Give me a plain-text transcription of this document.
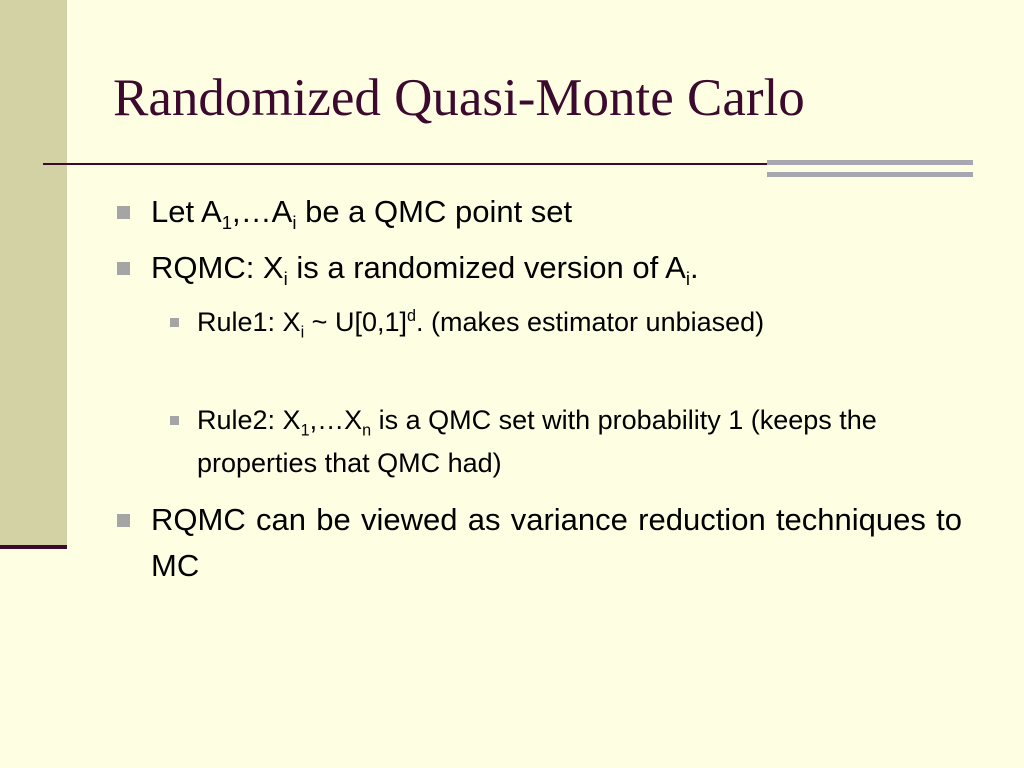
Randomized Quasi-Monte Carlo
Let $A_1,\dots A_i$ be a QMC point set
RQMC: $X_i$ is a randomized version of $A_i$.
Rule1: $X_i$ ~ $U[0,1]^d$. (makes estimator unbiased)
Rule2: $X_1,\dots X_n$ is a QMC set with probability 1 (keeps the properties that QMC had)
RQMC can be viewed as variance reduction techniques to MC
